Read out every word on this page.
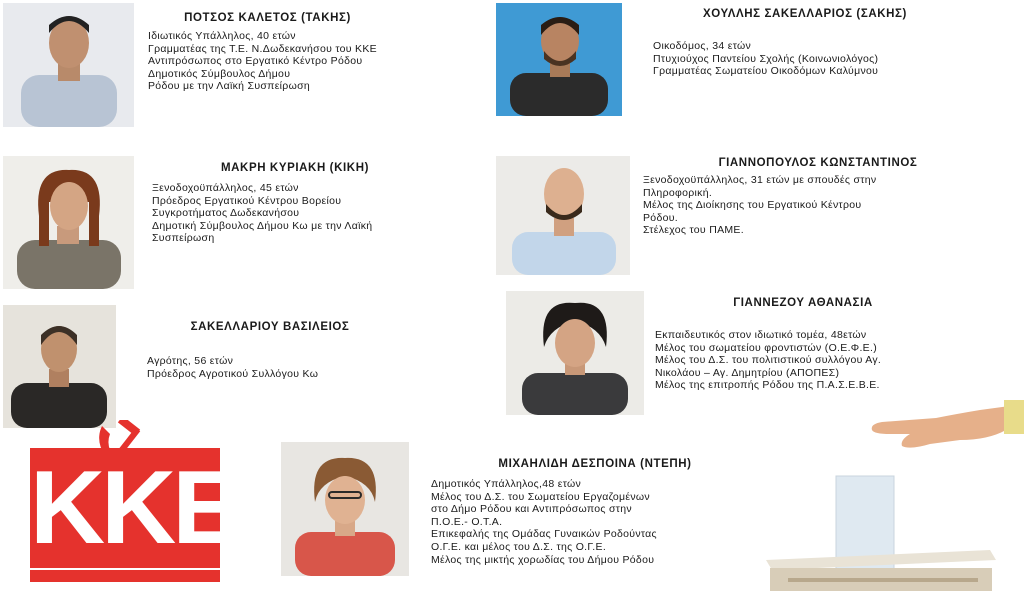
ΠΟΤΣΟΣ ΚΑΛΕΤΟΣ (ΤΑΚΗΣ)
Ιδιωτικός Υπάλληλος, 40 ετών
Γραμματέας της Τ.Ε. Ν.Δωδεκανήσου του ΚΚΕ
Αντιπρόσωπος στο Εργατικό Κέντρο Ρόδου
Δημοτικός Σύμβουλος Δήμου
Ρόδου με την Λαϊκή Συσπείρωση
ΧΟΥΛΛΗΣ ΣΑΚΕΛΛΑΡΙΟΣ (ΣΑΚΗΣ)
Οικοδόμος, 34 ετών
Πτυχιούχος Παντείου Σχολής (Κοινωνιολόγος)
Γραμματέας Σωματείου Οικοδόμων Καλύμνου
ΜΑΚΡΗ ΚΥΡΙΑΚΗ (ΚΙΚΗ)
Ξενοδοχοϋπάλληλος, 45 ετών
Πρόεδρος Εργατικού Κέντρου Βορείου
Συγκροτήματος Δωδεκανήσου
Δημοτική Σύμβουλος Δήμου Κω με την Λαϊκή
Συσπείρωση
ΓΙΑΝΝΟΠΟΥΛΟΣ ΚΩΝΣΤΑΝΤΙΝΟΣ
Ξενοδοχοϋπάλληλος, 31 ετών με σπουδές στην
Πληροφορική.
Μέλος της Διοίκησης του Εργατικού Κέντρου
Ρόδου.
Στέλεχος του ΠΑΜΕ.
ΣΑΚΕΛΛΑΡΙΟΥ ΒΑΣΙΛΕΙΟΣ
Αγρότης, 56 ετών
Πρόεδρος Αγροτικού Συλλόγου Κω
ΓΙΑΝΝΕΖΟΥ ΑΘΑΝΑΣΙΑ
Εκπαιδευτικός στον ιδιωτικό τομέα, 48ετών
Μέλος του σωματείου φροντιστών (Ο.Ε.Φ.Ε.)
Μέλος του Δ.Σ. του πολιτιστικού συλλόγου Αγ.
Νικολάου – Αγ. Δημητρίου (ΑΠΟΠΕΣ)
Μέλος της επιτροπής Ρόδου της Π.Α.Σ.Ε.Β.Ε.
ΜΙΧΑΗΛΙΔΗ ΔΕΣΠΟΙΝΑ (ΝΤΕΠΗ)
Δημοτικός Υπάλληλος,48 ετών
Μέλος του Δ.Σ. του Σωματείου Εργαζομένων
στο Δήμο Ρόδου και Αντιπρόσωπος στην
Π.Ο.Ε.- Ο.Τ.Α.
Επικεφαλής της Ομάδας Γυναικών Ροδούντας
Ο.Γ.Ε. και μέλος του Δ.Σ. της Ο.Γ.Ε.
Μέλος της μικτής χορωδίας του Δήμου Ρόδου
ΚΚΕ
